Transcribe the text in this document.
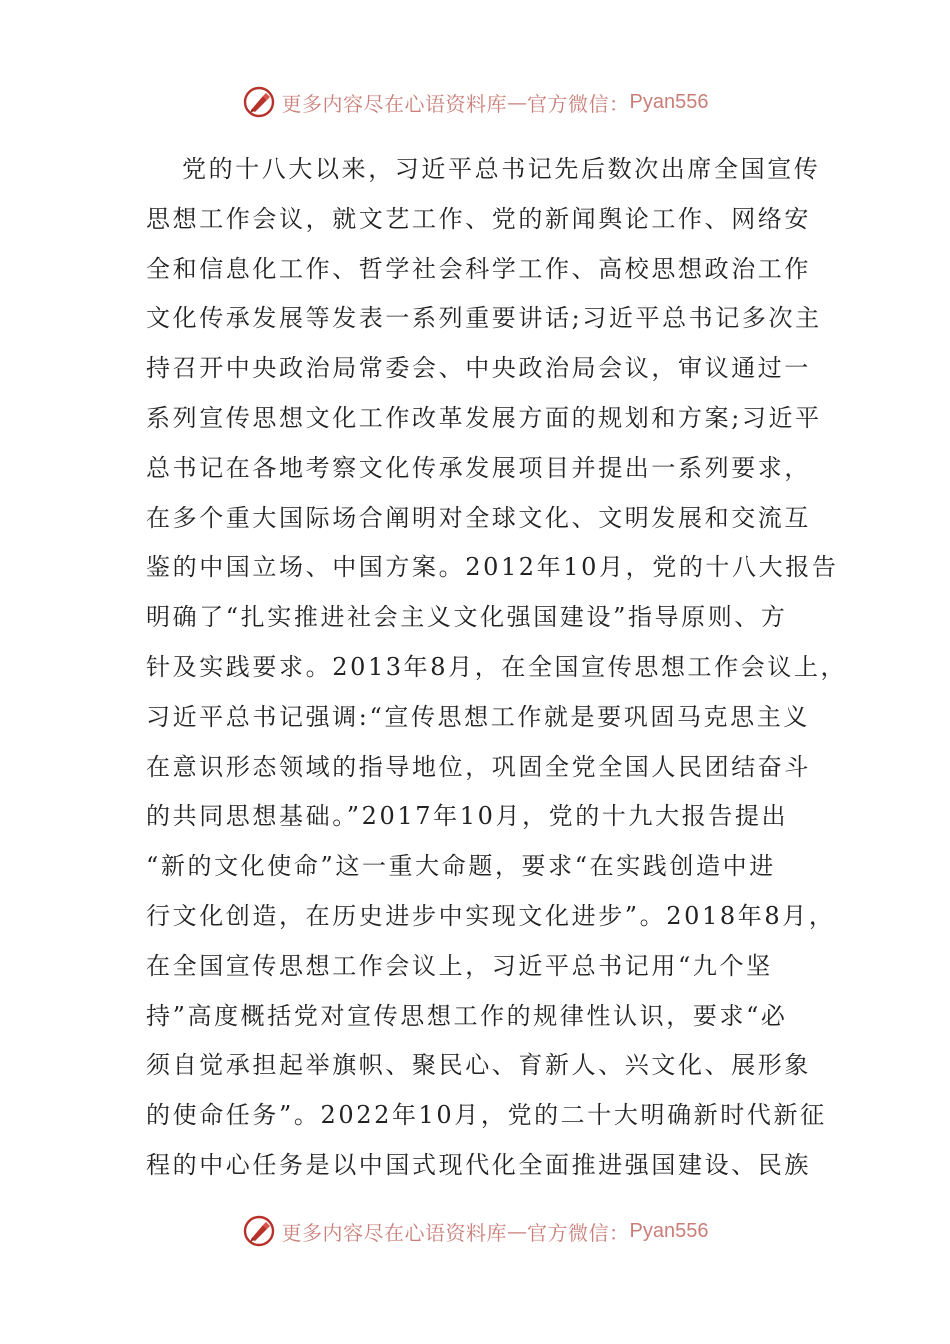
更多内容尽在心语资料库 — 官方微信： Pyan556
党的十八大以来，习近平总书记先后数次出席全国宣传
思想工作会议，就文艺工作、党的新闻舆论工作、网络安
全和信息化工作、哲学社会科学工作、高校思想政治工作
文化传承发展等发表一系列重要讲话;习近平总书记多次主
持召开中央政治局常委会、中央政治局会议，审议通过一
系列宣传思想文化工作改革发展方面的规划和方案;习近平
总书记在各地考察文化传承发展项目并提出一系列要求，
在多个重大国际场合阐明对全球文化、文明发展和交流互
鉴的中国立场、中国方案。2012年10月，党的十八大报告
明确了“扎实推进社会主义文化强国建设”指导原则、方
针及实践要求。2013年8月，在全国宣传思想工作会议上，
习近平总书记强调:“宣传思想工作就是要巩固马克思主义
在意识形态领域的指导地位，巩固全党全国人民团结奋斗
的共同思想基础。”2017年10月，党的十九大报告提出
“新的文化使命”这一重大命题，要求“在实践创造中进
行文化创造，在历史进步中实现文化进步”。2018年8月，
在全国宣传思想工作会议上，习近平总书记用“九个坚
持”高度概括党对宣传思想工作的规律性认识，要求“必
须自觉承担起举旗帜、聚民心、育新人、兴文化、展形象
的使命任务”。2022年10月，党的二十大明确新时代新征
程的中心任务是以中国式现代化全面推进强国建设、民族
更多内容尽在心语资料库 — 官方微信： Pyan556
